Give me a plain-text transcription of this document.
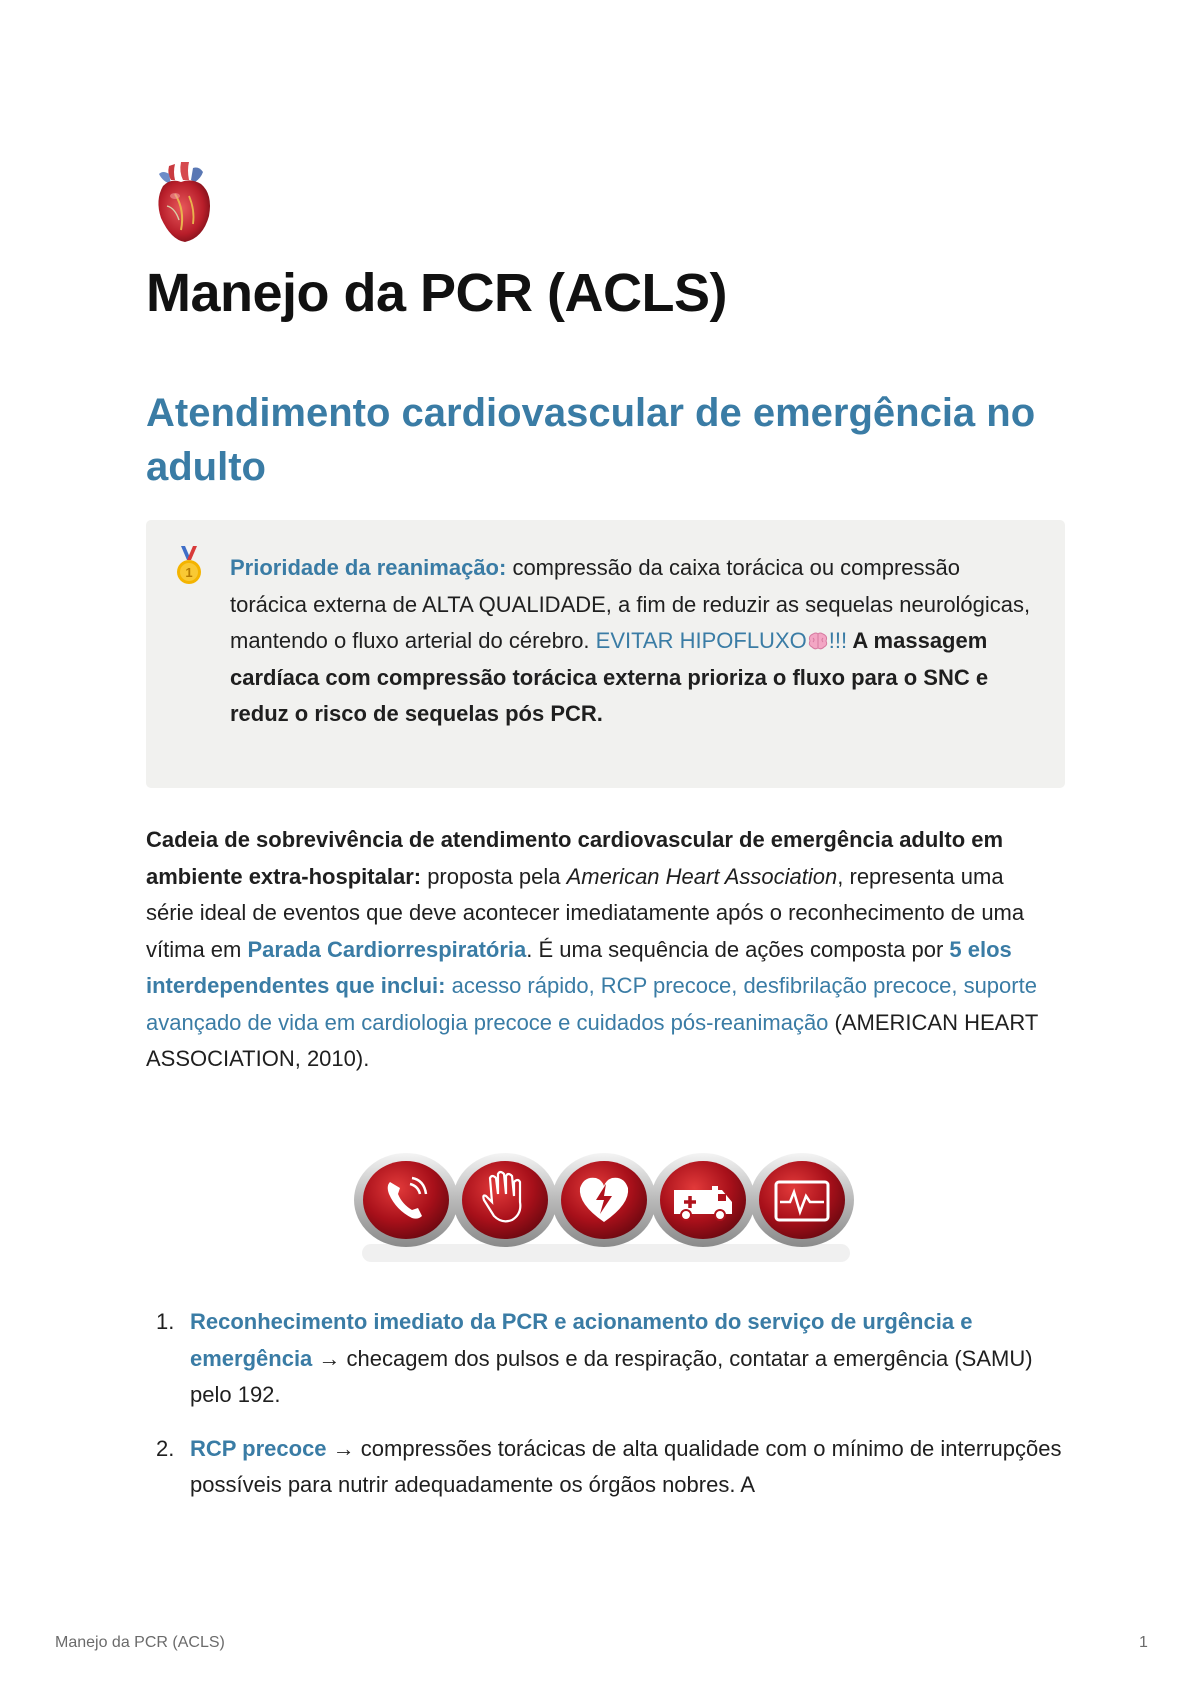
Manejo da PCR (ACLS)
Atendimento cardiovascular de emergência no adulto
1 Prioridade da reanimação: compressão da caixa torácica ou compressão torácica externa de ALTA QUALIDADE, a fim de reduzir as sequelas neurológicas, mantendo o fluxo arterial do cérebro. EVITAR HIPOFLUXO !!! A massagem cardíaca com compressão torácica externa prioriza o fluxo para o SNC e reduz o risco de sequelas pós PCR.
Cadeia de sobrevivência de atendimento cardiovascular de emergência adulto em ambiente extra-hospitalar: proposta pela American Heart Association, representa uma série ideal de eventos que deve acontecer imediatamente após o reconhecimento de uma vítima em Parada Cardiorrespiratória. É uma sequência de ações composta por 5 elos interdependentes que inclui: acesso rápido, RCP precoce, desfibrilação precoce, suporte avançado de vida em cardiologia precoce e cuidados pós-reanimação (AMERICAN HEART ASSOCIATION, 2010).
1. Reconhecimento imediato da PCR e acionamento do serviço de urgência e emergência → checagem dos pulsos e da respiração, contatar a emergência (SAMU) pelo 192.
2. RCP precoce → compressões torácicas de alta qualidade com o mínimo de interrupções possíveis para nutrir adequadamente os órgãos nobres. A
Manejo da PCR (ACLS)	1
